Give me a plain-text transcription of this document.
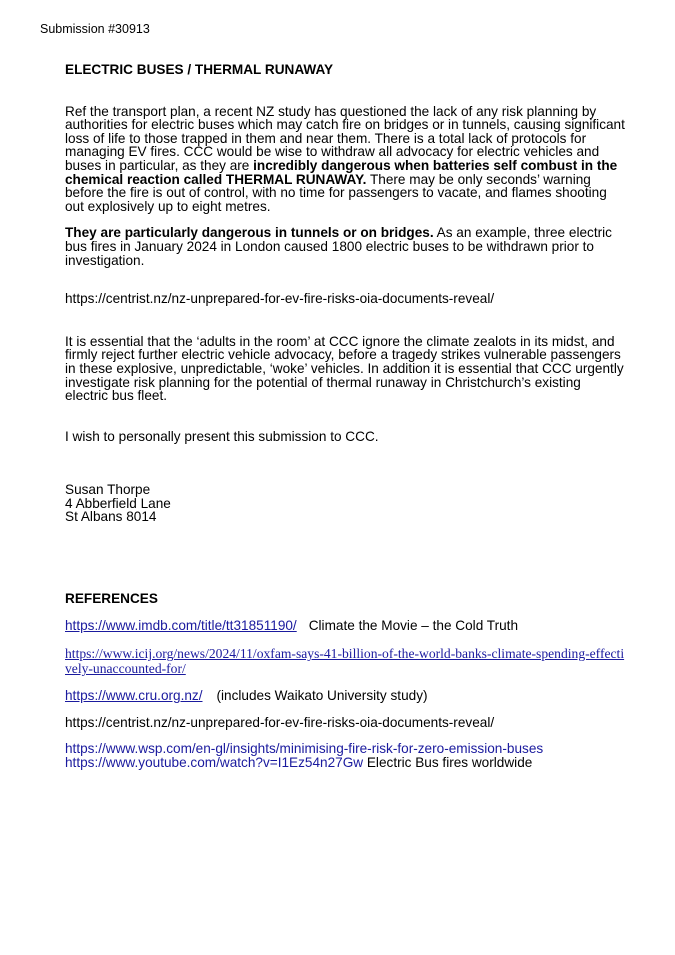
Submission #30913
ELECTRIC BUSES / THERMAL RUNAWAY

Ref the transport plan, a recent NZ study has questioned the lack of any risk planning by authorities for electric buses which may catch fire on bridges or in tunnels, causing significant loss of life to those trapped in them and near them. There is a total lack of protocols for managing EV fires. CCC would be wise to withdraw all advocacy for electric vehicles and buses in particular, as they are incredibly dangerous when batteries self combust in the chemical reaction called THERMAL RUNAWAY. There may be only seconds’ warning before the fire is out of control, with no time for passengers to vacate, and flames shooting out explosively up to eight metres.

They are particularly dangerous in tunnels or on bridges. As an example, three electric bus fires in January 2024 in London caused 1800 electric buses to be withdrawn prior to investigation.

https://centrist.nz/nz-unprepared-for-ev-fire-risks-oia-documents-reveal/

It is essential that the ‘adults in the room’ at CCC ignore the climate zealots in its midst, and firmly reject further electric vehicle advocacy, before a tragedy strikes vulnerable passengers in these explosive, unpredictable, ‘woke’ vehicles. In addition it is essential that CCC urgently investigate risk planning for the potential of thermal runaway in Christchurch’s existing electric bus fleet.

I wish to personally present this submission to CCC.

Susan Thorpe
4 Abberfield Lane
St Albans 8014
REFERENCES

https://www.imdb.com/title/tt31851190/ Climate the Movie – the Cold Truth

https://www.icij.org/news/2024/11/oxfam-says-41-billion-of-the-world-banks-climate-spending-effectively-unaccounted-for/

https://www.cru.org.nz/ (includes Waikato University study)

https://centrist.nz/nz-unprepared-for-ev-fire-risks-oia-documents-reveal/

https://www.wsp.com/en-gl/insights/minimising-fire-risk-for-zero-emission-buses

https://www.youtube.com/watch?v=I1Ez54n27Gw Electric Bus fires worldwide
